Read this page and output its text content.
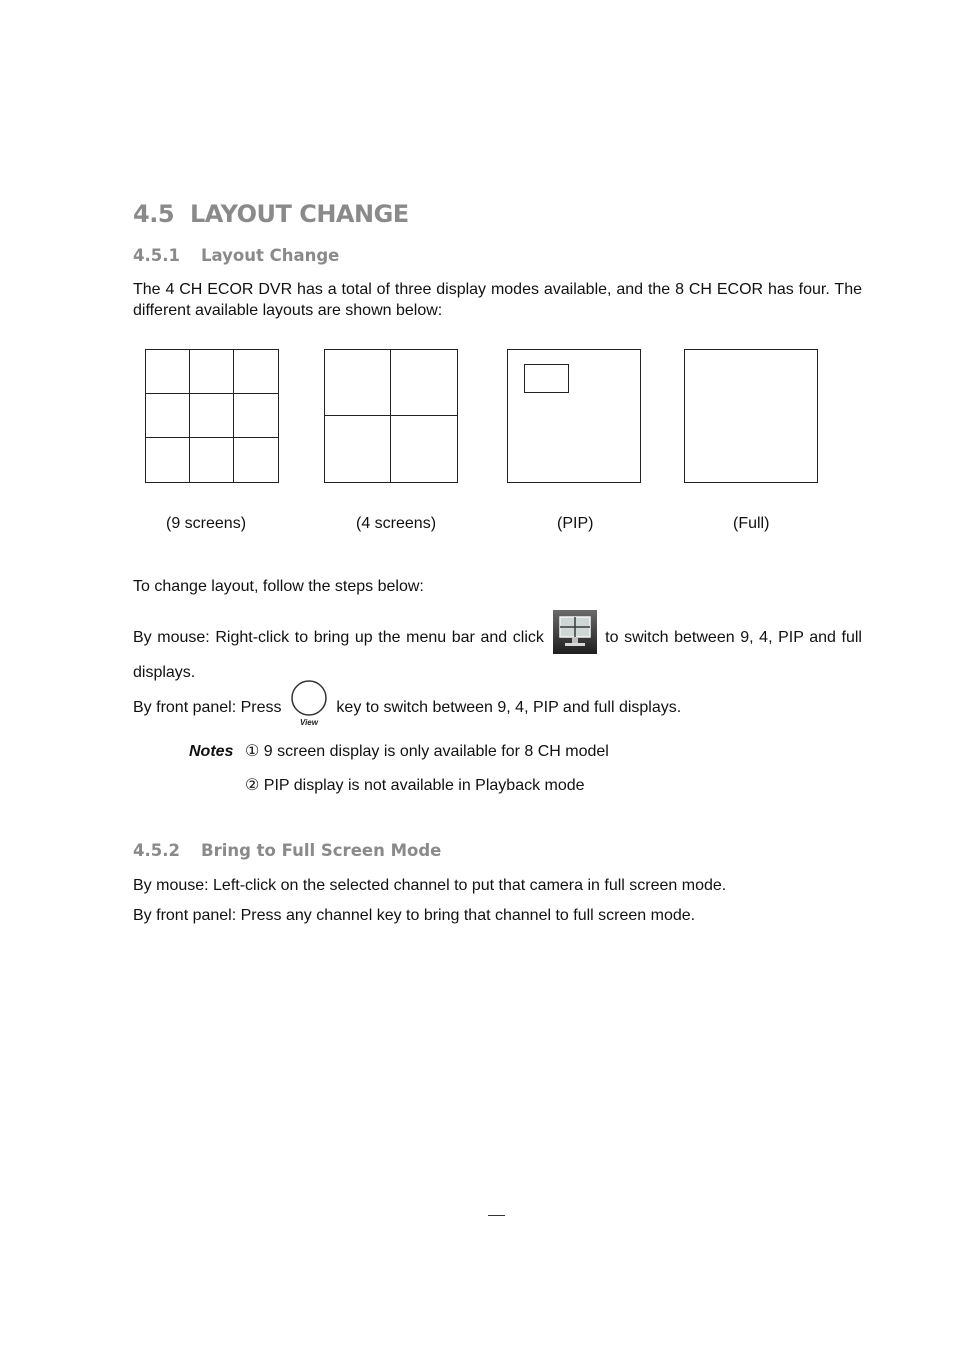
4.5 LAYOUT CHANGE
4.5.1 Layout Change
The 4 CH ECOR DVR has a total of three display modes available, and the 8 CH ECOR has four. The different available layouts are shown below:
(9 screens)	(4 screens)	(PIP)	(Full)
To change layout, follow the steps below:
By mouse: Right-click to bring up the menu bar and click	to switch between 9, 4, PIP and full displays.
By front panel: Press
View
key to switch between 9, 4, PIP and full displays.
Notes ① 9 screen display is only available for 8 CH model
② PIP display is not available in Playback mode
4.5.2 Bring to Full Screen Mode
By mouse: Left-click on the selected channel to put that camera in full screen mode.
By front panel: Press any channel key to bring that channel to full screen mode.
